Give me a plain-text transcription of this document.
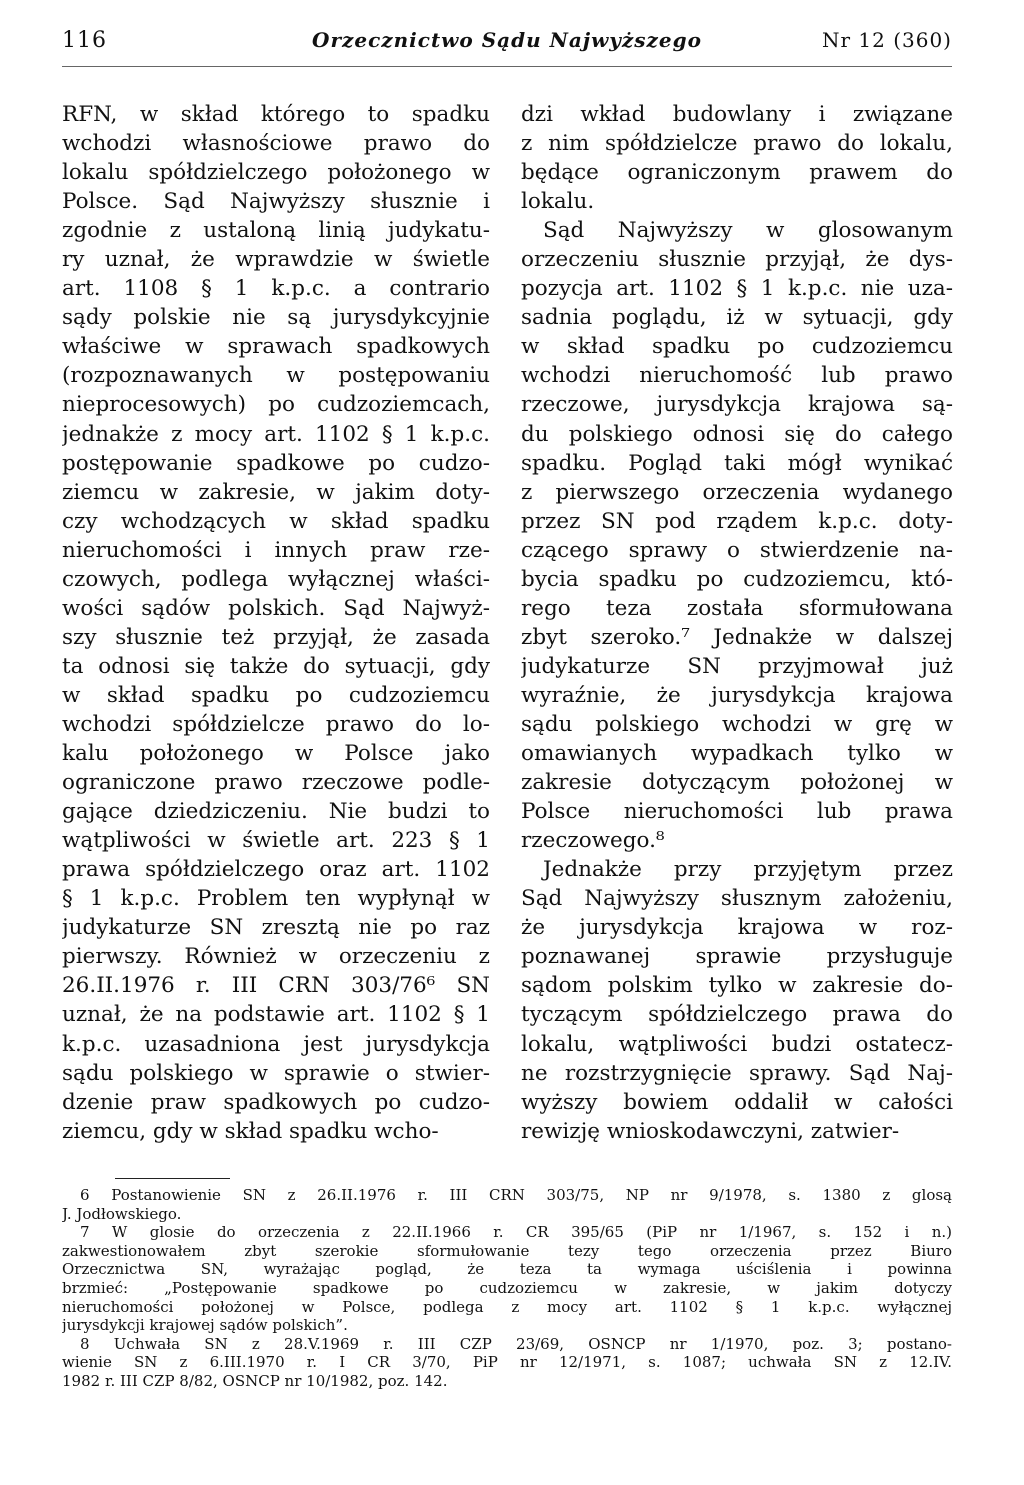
116	Orzecznictwo Sądu Najwyższego	Nr 12 (360)
RFN, w skład którego to spadku
wchodzi własnościowe prawo do
lokalu spółdzielczego położonego w
Polsce. Sąd Najwyższy słusznie i
zgodnie z ustaloną linią judykatu-
ry uznał, że wprawdzie w świetle
art. 1108 § 1 k.p.c. a contrario
sądy polskie nie są jurysdykcyjnie
właściwe w sprawach spadkowych
(rozpoznawanych w postępowaniu
nieprocesowych) po cudzoziemcach,
jednakże z mocy art. 1102 § 1 k.p.c.
postępowanie spadkowe po cudzo-
ziemcu w zakresie, w jakim doty-
czy wchodzących w skład spadku
nieruchomości i innych praw rze-
czowych, podlega wyłącznej właści-
wości sądów polskich. Sąd Najwyż-
szy słusznie też przyjął, że zasada
ta odnosi się także do sytuacji, gdy
w skład spadku po cudzoziemcu
wchodzi spółdzielcze prawo do lo-
kalu położonego w Polsce jako
ograniczone prawo rzeczowe podle-
gające dziedziczeniu. Nie budzi to
wątpliwości w świetle art. 223 § 1
prawa spółdzielczego oraz art. 1102
§ 1 k.p.c. Problem ten wypłynął w
judykaturze SN zresztą nie po raz
pierwszy. Również w orzeczeniu z
26.II.1976 r. III CRN 303/76⁶ SN
uznał, że na podstawie art. 1102 § 1
k.p.c. uzasadniona jest jurysdykcja
sądu polskiego w sprawie o stwier-
dzenie praw spadkowych po cudzo-
ziemcu, gdy w skład spadku wcho-
dzi wkład budowlany i związane
z nim spółdzielcze prawo do lokalu,
będące ograniczonym prawem do
lokalu.
Sąd Najwyższy w glosowanym
orzeczeniu słusznie przyjął, że dys-
pozycja art. 1102 § 1 k.p.c. nie uza-
sadnia poglądu, iż w sytuacji, gdy
w skład spadku po cudzoziemcu
wchodzi nieruchomość lub prawo
rzeczowe, jurysdykcja krajowa są-
du polskiego odnosi się do całego
spadku. Pogląd taki mógł wynikać
z pierwszego orzeczenia wydanego
przez SN pod rządem k.p.c. doty-
czącego sprawy o stwierdzenie na-
bycia spadku po cudzoziemcu, któ-
rego teza została sformułowana
zbyt szeroko.⁷ Jednakże w dalszej
judykaturze SN przyjmował już
wyraźnie, że jurysdykcja krajowa
sądu polskiego wchodzi w grę w
omawianych wypadkach tylko w
zakresie dotyczącym położonej w
Polsce nieruchomości lub prawa
rzeczowego.⁸
Jednakże przy przyjętym przez
Sąd Najwyższy słusznym założeniu,
że jurysdykcja krajowa w roz-
poznawanej sprawie przysługuje
sądom polskim tylko w zakresie do-
tyczącym spółdzielczego prawa do
lokalu, wątpliwości budzi ostatecz-
ne rozstrzygnięcie sprawy. Sąd Naj-
wyższy bowiem oddalił w całości
rewizję wnioskodawczyni, zatwier-
6 Postanowienie SN z 26.II.1976 r. III CRN 303/75, NP nr 9/1978, s. 1380 z glosą
J. Jodłowskiego.
7 W glosie do orzeczenia z 22.II.1966 r. CR 395/65 (PiP nr 1/1967, s. 152 i n.)
zakwestionowałem zbyt szerokie sformułowanie tezy tego orzeczenia przez Biuro
Orzecznictwa SN, wyrażając pogląd, że teza ta wymaga uściślenia i powinna
brzmieć: „Postępowanie spadkowe po cudzoziemcu w zakresie, w jakim dotyczy
nieruchomości położonej w Polsce, podlega z mocy art. 1102 § 1 k.p.c. wyłącznej
jurysdykcji krajowej sądów polskich”.
8 Uchwała SN z 28.V.1969 r. III CZP 23/69, OSNCP nr 1/1970, poz. 3; postano-
wienie SN z 6.III.1970 r. I CR 3/70, PiP nr 12/1971, s. 1087; uchwała SN z 12.IV.
1982 r. III CZP 8/82, OSNCP nr 10/1982, poz. 142.
